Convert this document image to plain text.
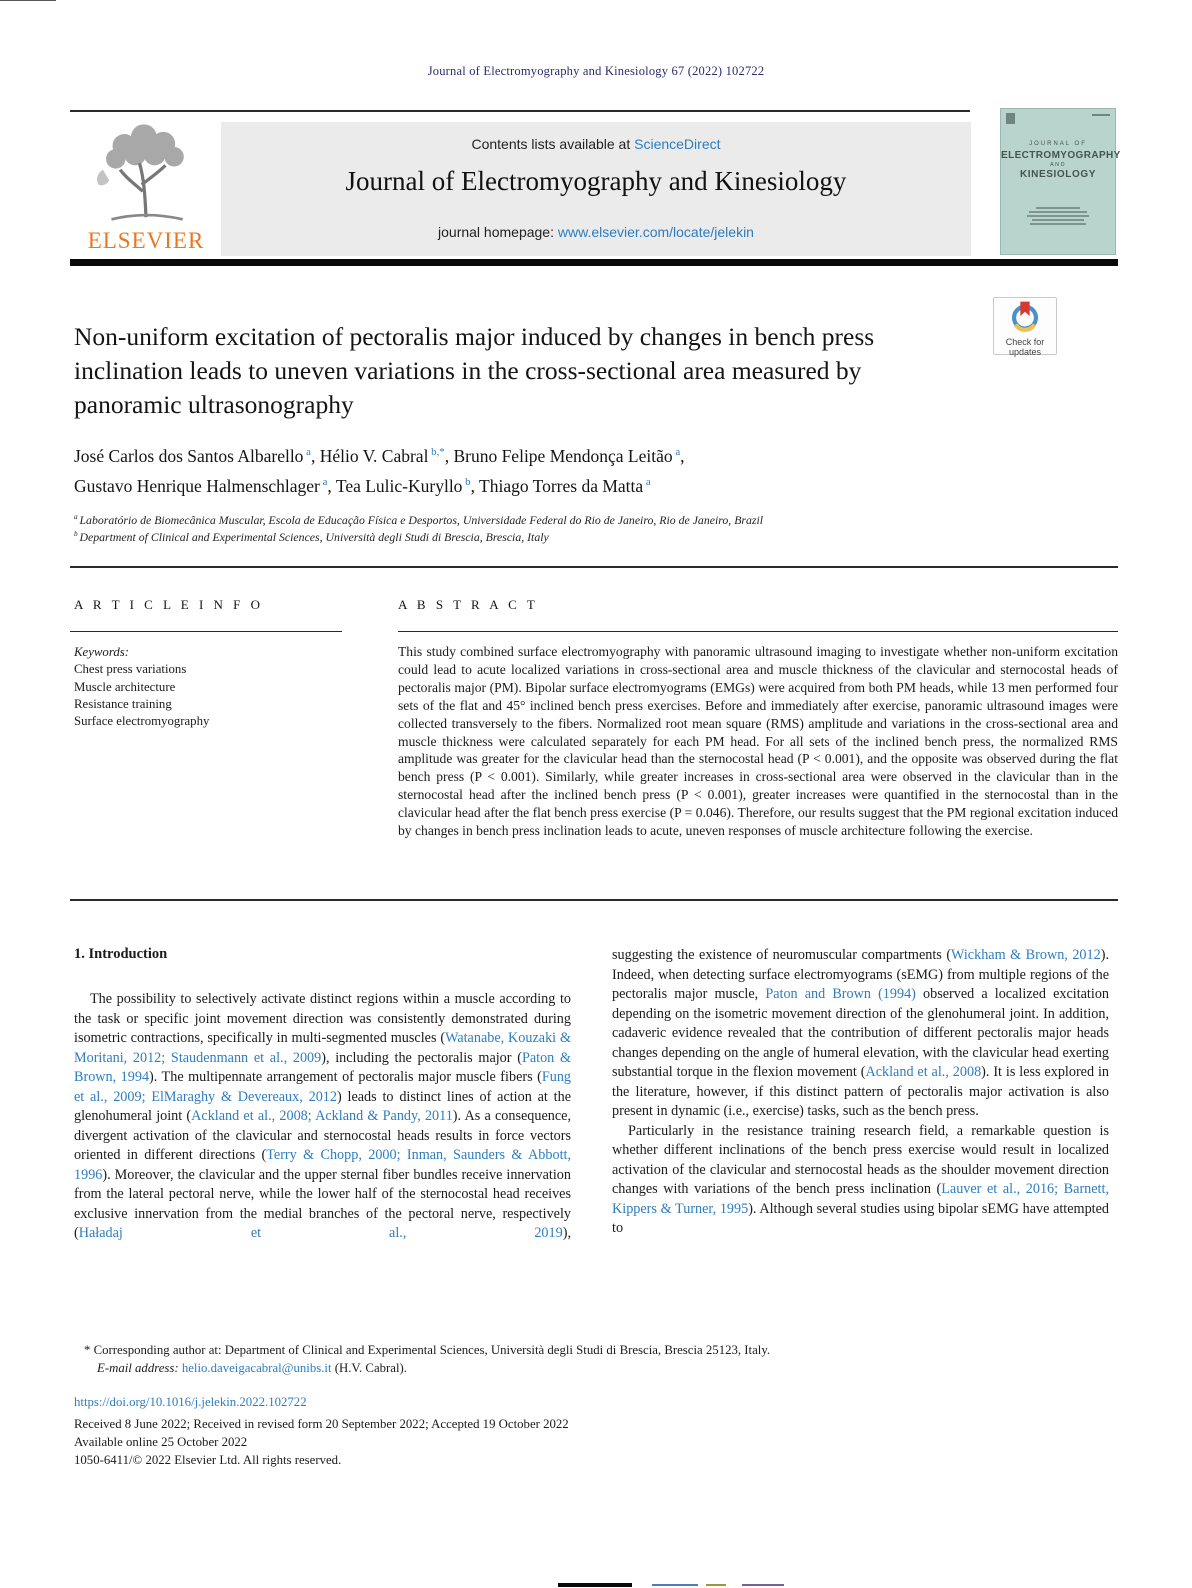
Journal of Electromyography and Kinesiology 67 (2022) 102722
ELSEVIER
Contents lists available at ScienceDirect
Journal of Electromyography and Kinesiology
journal homepage: www.elsevier.com/locate/jelekin
JOURNAL OF
ELECTROMYOGRAPHY
AND
KINESIOLOGY
Check for
updates
Non-uniform excitation of pectoralis major induced by changes in bench press inclination leads to uneven variations in the cross-sectional area measured by panoramic ultrasonography
José Carlos dos Santos Albarello $^a$, Hélio V. Cabral $^{b,*}$, Bruno Felipe Mendonça Leitão $^a$,
Gustavo Henrique Halmenschlager $^a$, Tea Lulic-Kuryllo $^b$, Thiago Torres da Matta $^a$
$^a$ Laboratório de Biomecânica Muscular, Escola de Educação Física e Desportos, Universidade Federal do Rio de Janeiro, Rio de Janeiro, Brazil
$^b$ Department of Clinical and Experimental Sciences, Università degli Studi di Brescia, Brescia, Italy
A R T I C L E I N F O	A B S T R A C T
Keywords:
Chest press variations
Muscle architecture
Resistance training
Surface electromyography
This study combined surface electromyography with panoramic ultrasound imaging to investigate whether non-uniform excitation could lead to acute localized variations in cross-sectional area and muscle thickness of the clavicular and sternocostal heads of pectoralis major (PM). Bipolar surface electromyograms (EMGs) were acquired from both PM heads, while 13 men performed four sets of the flat and 45° inclined bench press exercises. Before and immediately after exercise, panoramic ultrasound images were collected transversely to the fibers. Normalized root mean square (RMS) amplitude and variations in the cross-sectional area and muscle thickness were calculated separately for each PM head. For all sets of the inclined bench press, the normalized RMS amplitude was greater for the clavicular head than the sternocostal head (P < 0.001), and the opposite was observed during the flat bench press (P < 0.001). Similarly, while greater increases in cross-sectional area were observed in the clavicular than in the sternocostal head after the inclined bench press (P < 0.001), greater increases were quantified in the sternocostal than in the clavicular head after the flat bench press exercise (P = 0.046). Therefore, our results suggest that the PM regional excitation induced by changes in bench press inclination leads to acute, uneven responses of muscle architecture following the exercise.
1. Introduction

The possibility to selectively activate distinct regions within a muscle according to the task or specific joint movement direction was consistently demonstrated during isometric contractions, specifically in multi-segmented muscles (Watanabe, Kouzaki & Moritani, 2012; Staudenmann et al., 2009), including the pectoralis major (Paton & Brown, 1994). The multipennate arrangement of pectoralis major muscle fibers (Fung et al., 2009; ElMaraghy & Devereaux, 2012) leads to distinct lines of action at the glenohumeral joint (Ackland et al., 2008; Ackland & Pandy, 2011). As a consequence, divergent activation of the clavicular and sternocostal heads results in force vectors oriented in different directions (Terry & Chopp, 2000; Inman, Saunders & Abbott, 1996). Moreover, the clavicular and the upper sternal fiber bundles receive innervation from the lateral pectoral nerve, while the lower half of the sternocostal head receives exclusive innervation from the medial branches of the pectoral nerve, respectively (Haładaj et al., 2019),

suggesting the existence of neuromuscular compartments (Wickham & Brown, 2012). Indeed, when detecting surface electromyograms (sEMG) from multiple regions of the pectoralis major muscle, Paton and Brown (1994) observed a localized excitation depending on the isometric movement direction of the glenohumeral joint. In addition, cadaveric evidence revealed that the contribution of different pectoralis major heads changes depending on the angle of humeral elevation, with the clavicular head exerting substantial torque in the flexion movement (Ackland et al., 2008). It is less explored in the literature, however, if this distinct pattern of pectoralis major activation is also present in dynamic (i.e., exercise) tasks, such as the bench press.

Particularly in the resistance training research field, a remarkable question is whether different inclinations of the bench press exercise would result in localized activation of the clavicular and sternocostal heads as the shoulder movement direction changes with variations of the bench press inclination (Lauver et al., 2016; Barnett, Kippers & Turner, 1995). Although several studies using bipolar sEMG have attempted to

* Corresponding author at: Department of Clinical and Experimental Sciences, Università degli Studi di Brescia, Brescia 25123, Italy.
E-mail address: helio.daveigacabral@unibs.it (H.V. Cabral).
https://doi.org/10.1016/j.jelekin.2022.102722
Received 8 June 2022; Received in revised form 20 September 2022; Accepted 19 October 2022
Available online 25 October 2022
1050-6411/© 2022 Elsevier Ltd. All rights reserved.
